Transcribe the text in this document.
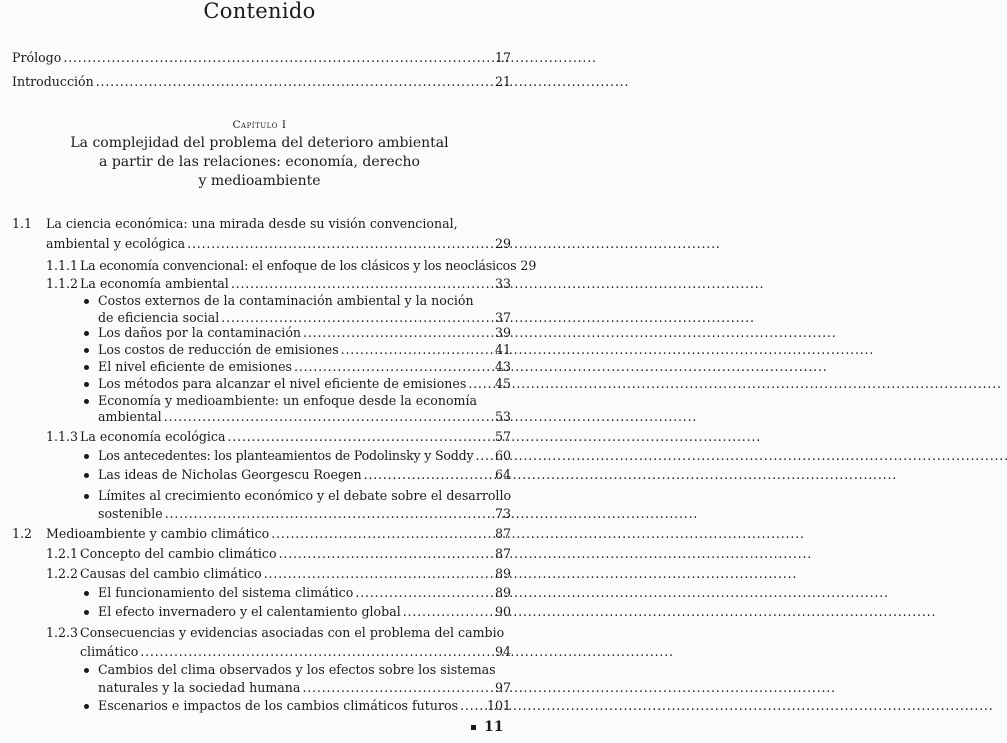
Contenido
Prólogo . . .	17
Introducción . . .	21
Capítulo I
La complejidad del problema del deterioro ambiental
a partir de las relaciones: economía, derecho
y medioambiente
1.1 La ciencia económica: una mirada desde su visión convencional,
ambiental y ecológica . . .	29
1.1.1 La economía convencional: el enfoque de los clásicos y los neoclásicos 29
1.1.2 La economía ambiental . . .	33
Costos externos de la contaminación ambiental y la noción
de eficiencia social . . .	37
Los daños por la contaminación . . .	39
Los costos de reducción de emisiones . . .	41
El nivel eficiente de emisiones . . .	43
Los métodos para alcanzar el nivel eficiente de emisiones . . . 45
Economía y medioambiente: un enfoque desde la economía
ambiental . . .	53
1.1.3 La economía ecológica . . .	57
Los antecedentes: los planteamientos de Podolinsky y Soddy . . . 60
Las ideas de Nicholas Georgescu Roegen . . .	64
Límites al crecimiento económico y el debate sobre el desarrollo
sostenible . . .	73
1.2 Medioambiente y cambio climático . . .	87
1.2.1 Concepto del cambio climático . . .	87
1.2.2 Causas del cambio climático . . .	89
El funcionamiento del sistema climático . . .	89
El efecto invernadero y el calentamiento global . . .	90
1.2.3 Consecuencias y evidencias asociadas con el problema del cambio
climático . . .	94
Cambios del clima observados y los efectos sobre los sistemas
naturales y la sociedad humana . . .	97
Escenarios e impactos de los cambios climáticos futuros . . . 101
11
